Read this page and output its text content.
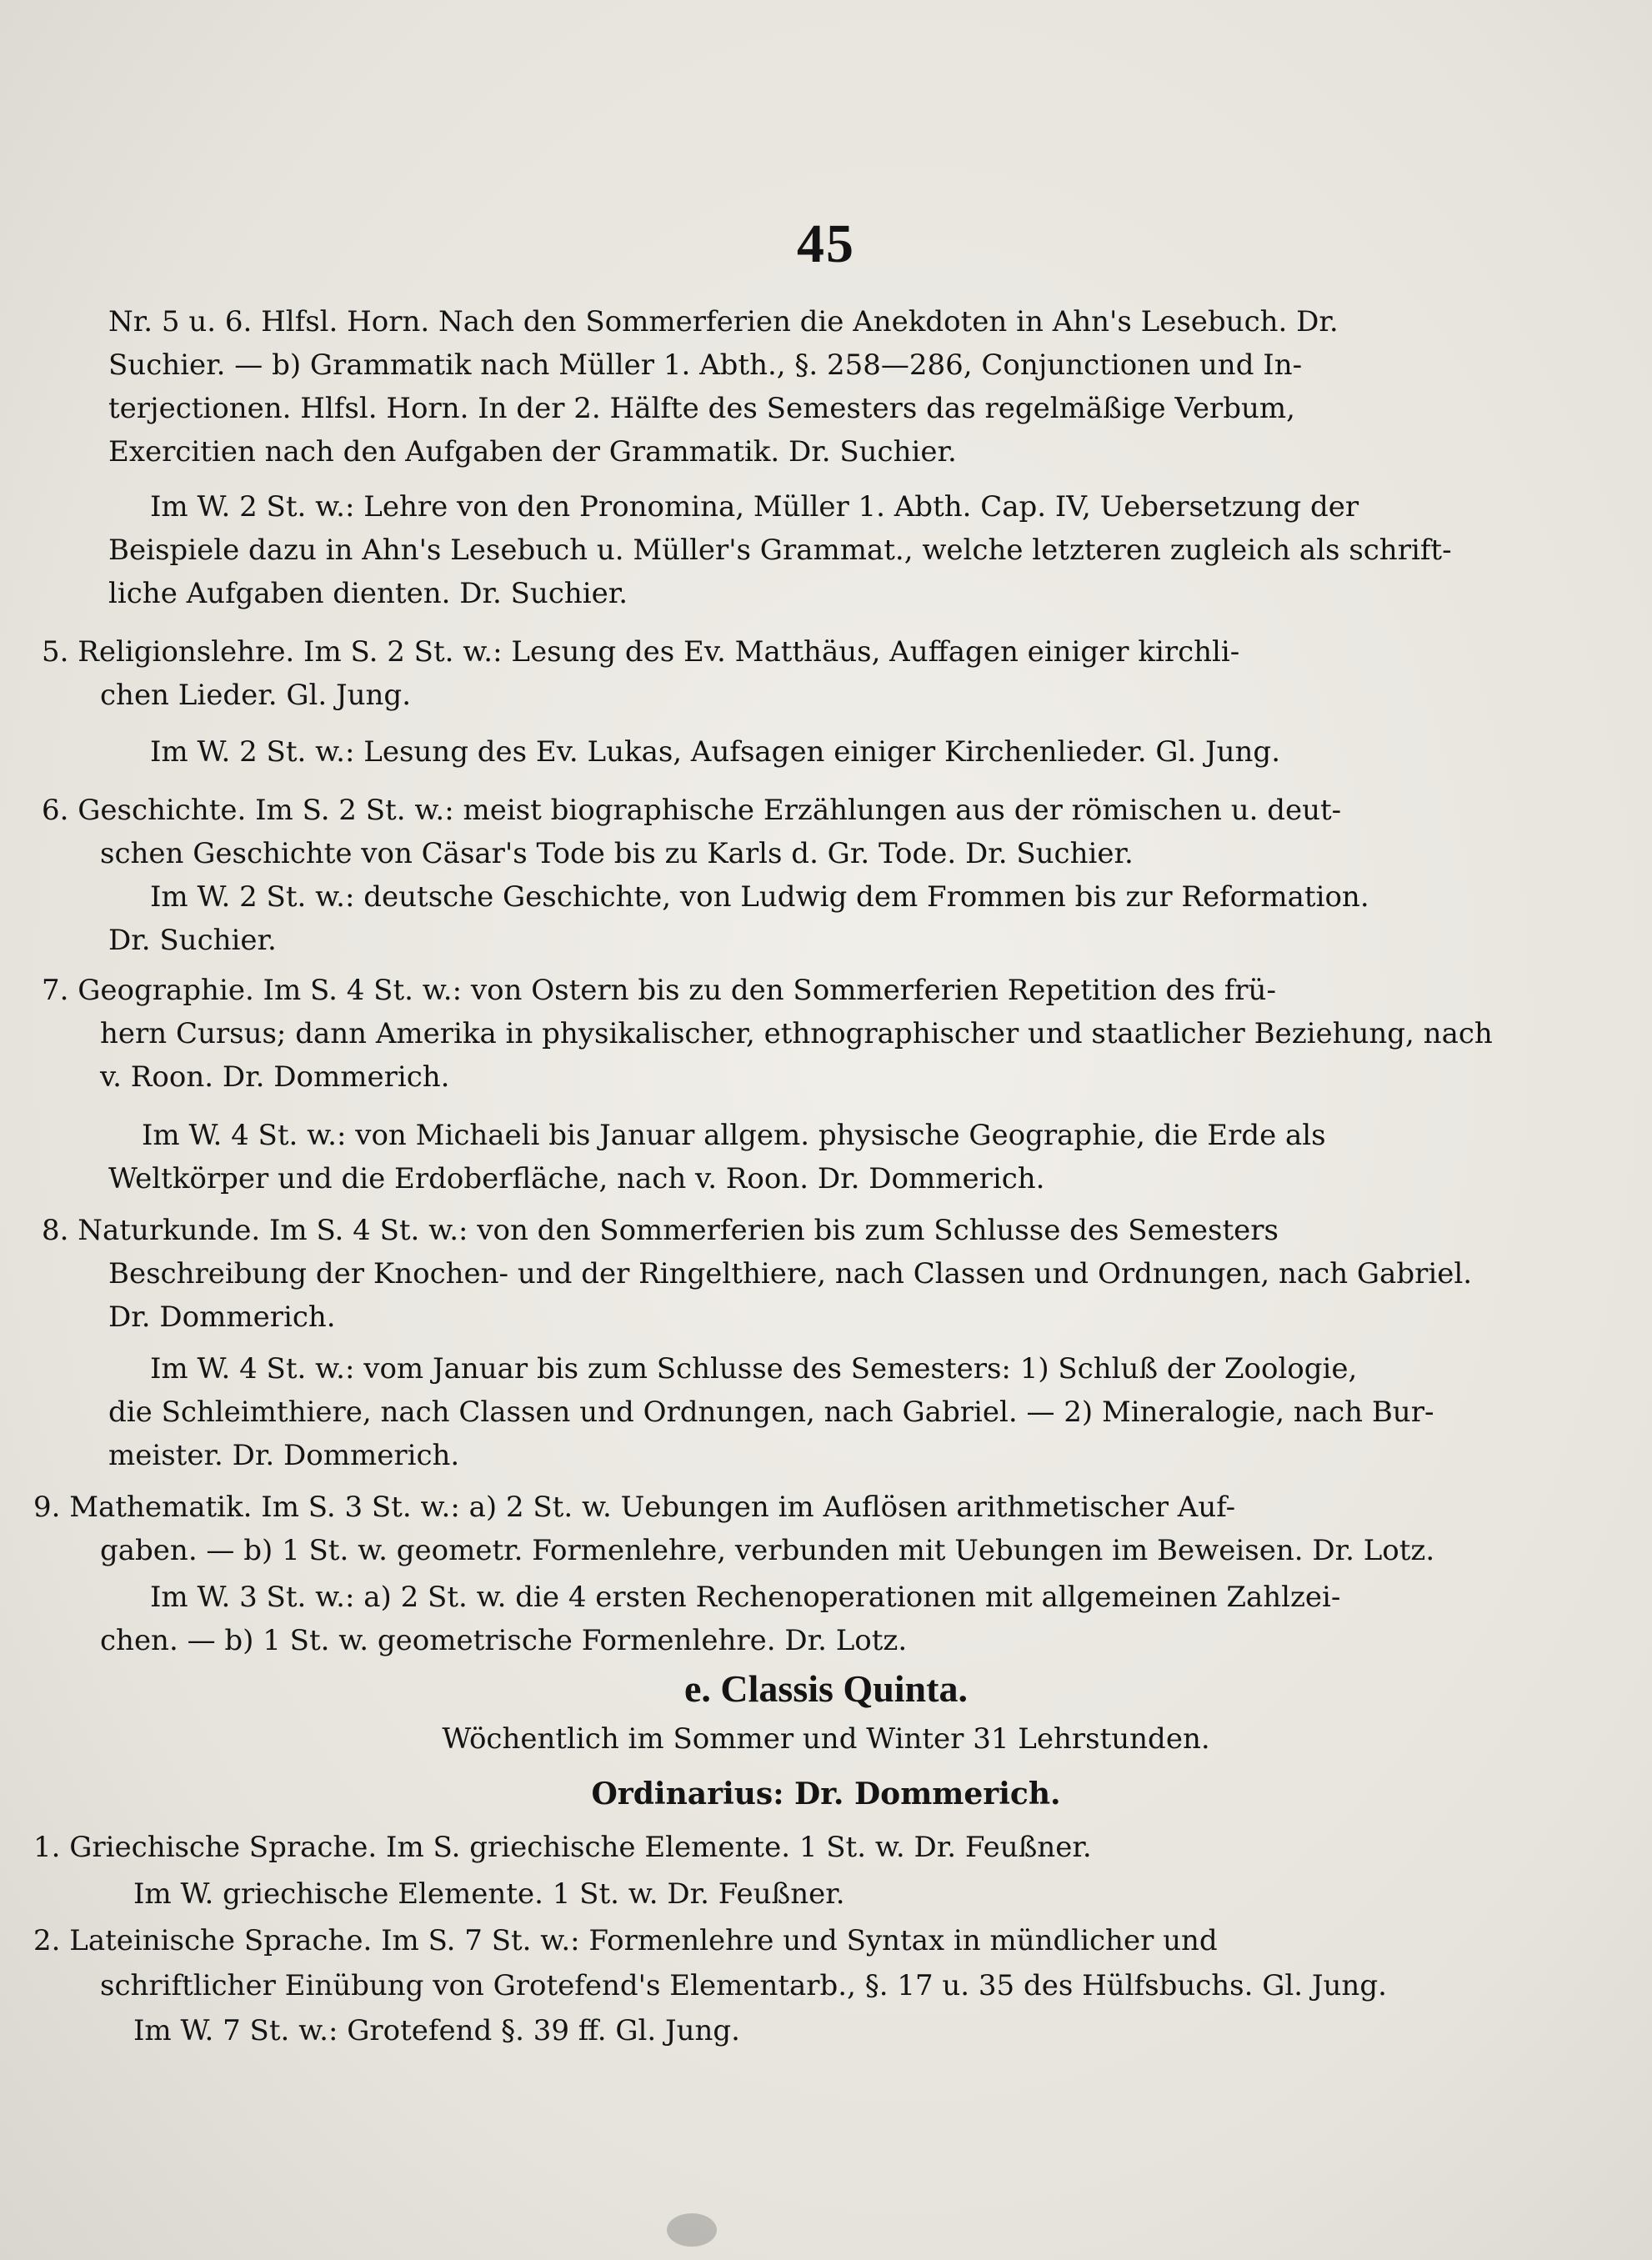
45
Nr. 5 u. 6. Hlfsl. Horn. Nach den Sommerferien die Anekdoten in Ahn's Lesebuch. Dr.
Suchier. — b) Grammatik nach Müller 1. Abth., §. 258—286, Conjunctionen und In-
terjectionen. Hlfsl. Horn. In der 2. Hälfte des Semesters das regelmäßige Verbum,
Exercitien nach den Aufgaben der Grammatik. Dr. Suchier.
Im W. 2 St. w.: Lehre von den Pronomina, Müller 1. Abth. Cap. IV, Uebersetzung der
Beispiele dazu in Ahn's Lesebuch u. Müller's Grammat., welche letzteren zugleich als schrift-
liche Aufgaben dienten. Dr. Suchier.
5. Religionslehre. Im S. 2 St. w.: Lesung des Ev. Matthäus, Auffagen einiger kirchli-
chen Lieder. Gl. Jung.
Im W. 2 St. w.: Lesung des Ev. Lukas, Aufsagen einiger Kirchenlieder. Gl. Jung.
6. Geschichte. Im S. 2 St. w.: meist biographische Erzählungen aus der römischen u. deut-
schen Geschichte von Cäsar's Tode bis zu Karls d. Gr. Tode. Dr. Suchier.
Im W. 2 St. w.: deutsche Geschichte, von Ludwig dem Frommen bis zur Reformation.
Dr. Suchier.
7. Geographie. Im S. 4 St. w.: von Ostern bis zu den Sommerferien Repetition des frü-
hern Cursus; dann Amerika in physikalischer, ethnographischer und staatlicher Beziehung, nach
v. Roon. Dr. Dommerich.
Im W. 4 St. w.: von Michaeli bis Januar allgem. physische Geographie, die Erde als
Weltkörper und die Erdoberfläche, nach v. Roon. Dr. Dommerich.
8. Naturkunde. Im S. 4 St. w.: von den Sommerferien bis zum Schlusse des Semesters
Beschreibung der Knochen- und der Ringelthiere, nach Classen und Ordnungen, nach Gabriel.
Dr. Dommerich.
Im W. 4 St. w.: vom Januar bis zum Schlusse des Semesters: 1) Schluß der Zoologie,
die Schleimthiere, nach Classen und Ordnungen, nach Gabriel. — 2) Mineralogie, nach Bur-
meister. Dr. Dommerich.
9. Mathematik. Im S. 3 St. w.: a) 2 St. w. Uebungen im Auflösen arithmetischer Auf-
gaben. — b) 1 St. w. geometr. Formenlehre, verbunden mit Uebungen im Beweisen. Dr. Lotz.
Im W. 3 St. w.: a) 2 St. w. die 4 ersten Rechenoperationen mit allgemeinen Zahlzei-
chen. — b) 1 St. w. geometrische Formenlehre. Dr. Lotz.
e. Classis Quinta.
Wöchentlich im Sommer und Winter 31 Lehrstunden.
Ordinarius: Dr. Dommerich.
1. Griechische Sprache. Im S. griechische Elemente. 1 St. w. Dr. Feußner.
Im W. griechische Elemente. 1 St. w. Dr. Feußner.
2. Lateinische Sprache. Im S. 7 St. w.: Formenlehre und Syntax in mündlicher und
schriftlicher Einübung von Grotefend's Elementarb., §. 17 u. 35 des Hülfsbuchs. Gl. Jung.
Im W. 7 St. w.: Grotefend §. 39 ff. Gl. Jung.
